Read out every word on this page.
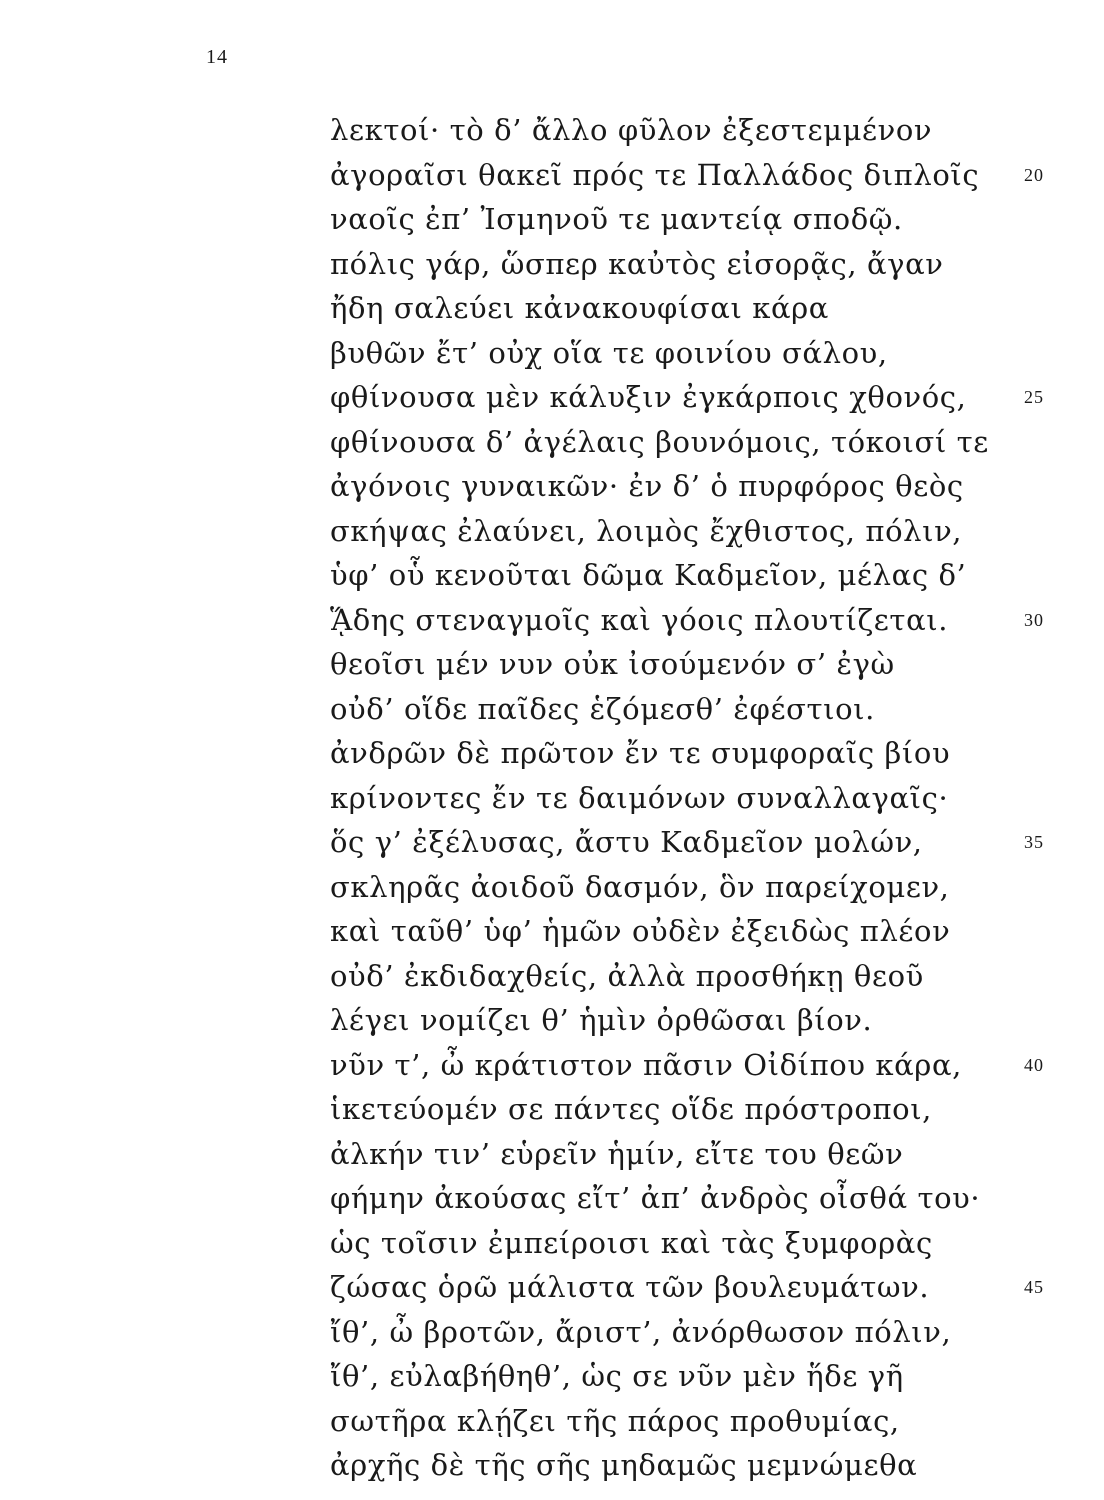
14
λεκτοί· τὸ δ’ ἄλλο φῦλον ἐξεστεμμένον
ἀγοραῖσι θακεῖ πρός τε Παλλάδος διπλοῖς 20
ναοῖς ἐπ’ Ἰσμηνοῦ τε μαντείᾳ σποδῷ.
πόλις γάρ, ὥσπερ καὐτὸς εἰσορᾷς, ἄγαν
ἤδη σαλεύει κἀνακουφίσαι κάρα
βυθῶν ἔτ’ οὐχ οἵα τε φοινίου σάλου,
φθίνουσα μὲν κάλυξιν ἐγκάρποις χθονός,	25
φθίνουσα δ’ ἀγέλαις βουνόμοις, τόκοισί τε
ἀγόνοις γυναικῶν· ἐν δ’ ὁ πυρφόρος θεὸς
σκήψας ἐλαύνει, λοιμὸς ἔχθιστος, πόλιν,
ὑφ’ οὗ κενοῦται δῶμα Καδμεῖον, μέλας δ’
ᾍδης στεναγμοῖς καὶ γόοις πλουτίζεται.	30
θεοῖσι μέν νυν οὐκ ἰσούμενόν σ’ ἐγὼ
οὐδ’ οἵδε παῖδες ἑζόμεσθ’ ἐφέστιοι.
ἀνδρῶν δὲ πρῶτον ἔν τε συμφοραῖς βίου
κρίνοντες ἔν τε δαιμόνων συναλλαγαῖς·
ὅς γ’ ἐξέλυσας, ἄστυ Καδμεῖον μολών,	35
σκληρᾶς ἀοιδοῦ δασμόν, ὃν παρείχομεν,
καὶ ταῦθ’ ὑφ’ ἡμῶν οὐδὲν ἐξειδὼς πλέον
οὐδ’ ἐκδιδαχθείς, ἀλλὰ προσθήκῃ θεοῦ
λέγει νομίζει θ’ ἡμὶν ὀρθῶσαι βίον.
νῦν τ’, ὦ κράτιστον πᾶσιν Οἰδίπου κάρα,	40
ἱκετεύομέν σε πάντες οἵδε πρόστροποι,
ἀλκήν τιν’ εὑρεῖν ἡμίν, εἴτε του θεῶν
φήμην ἀκούσας εἴτ’ ἀπ’ ἀνδρὸς οἶσθά του·
ὡς τοῖσιν ἐμπείροισι καὶ τὰς ξυμφορὰς
ζώσας ὁρῶ μάλιστα τῶν βουλευμάτων.	45
ἴθ’, ὦ βροτῶν, ἄριστ’, ἀνόρθωσον πόλιν,
ἴθ’, εὐλαβήθηθ’, ὡς σε νῦν μὲν ἥδε γῆ
σωτῆρα κλῄζει τῆς πάρος προθυμίας,
ἀρχῆς δὲ τῆς σῆς μηδαμῶς μεμνώμεθα
